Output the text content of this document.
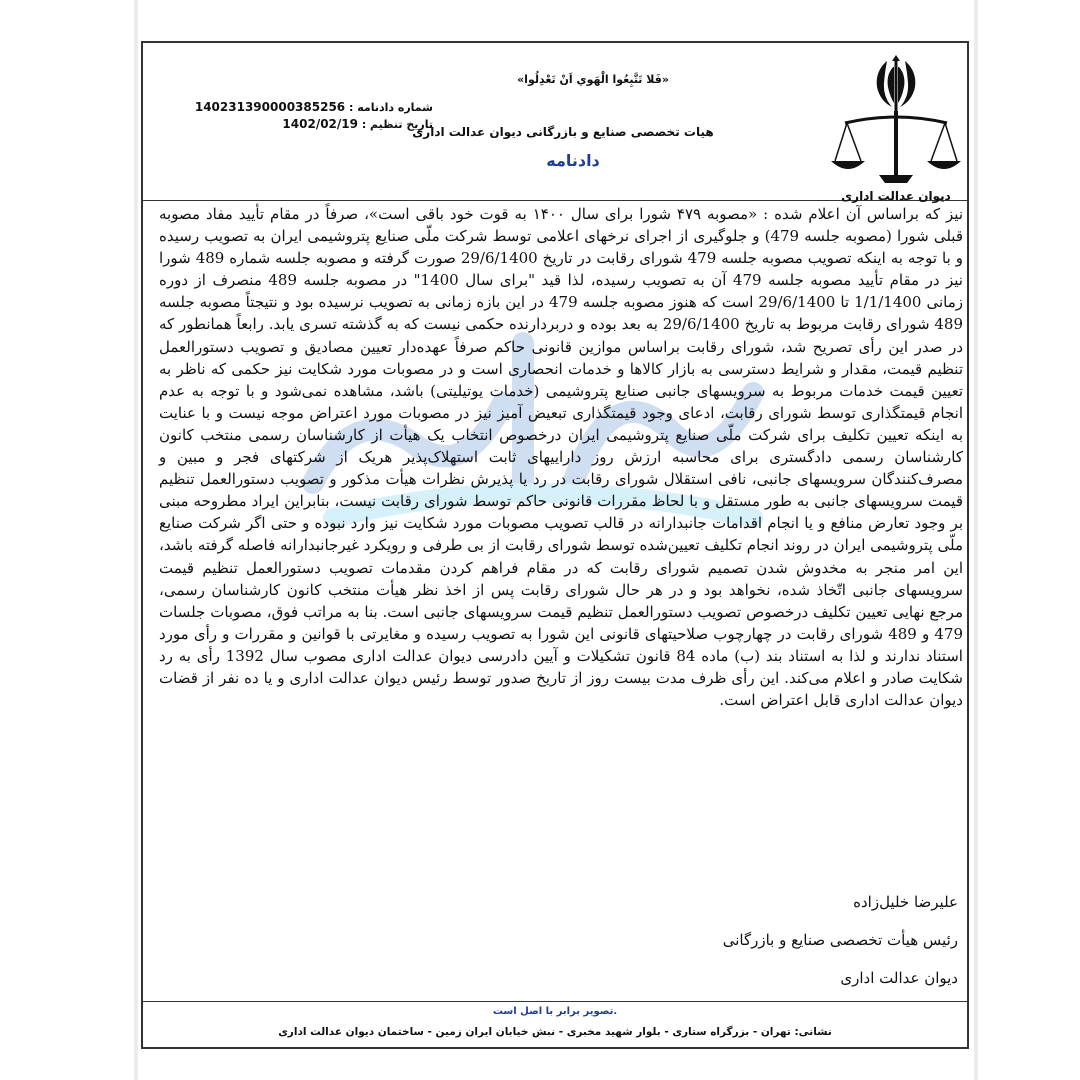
دیوان عدالت اداری
«فَلا تَتَّبِعُوا الْهَوي اَنْ تَعْدِلُوا»
هیات تخصصی صنایع و بازرگانی دیوان عدالت اداری
دادنامه
شماره دادنامه : 140231390000385256
تاریخ تنظیم : 1402/02/19

نیز که براساس آن اعلام شده : «مصوبه ۴۷۹ شورا برای سال ۱۴۰۰ به قوت خود باقی است»، صرفاً در مقام تأیید مفاد مصوبه قبلی شورا (مصوبه جلسه 479) و جلوگیری از اجرای نرخهای اعلامی توسط شرکت ملّی صنایع پتروشیمی ایران به تصویب رسیده و با توجه به اینکه تصویب مصوبه جلسه 479 شورای رقابت در تاریخ 29/6/1400 صورت گرفته و مصوبه جلسه شماره 489 شورا نیز در مقام تأیید مصوبه جلسه 479 آن به تصویب رسیده، لذا قید "برای سال 1400" در مصوبه جلسه 489 منصرف از دوره زمانی 1/1/1400 تا 29/6/1400 است که هنوز مصوبه جلسه 479 در این بازه زمانی به تصویب نرسیده بود و نتیجتاً مصوبه جلسه 489 شورای رقابت مربوط به تاریخ 29/6/1400 به بعد بوده و دربردارنده حکمی نیست که به گذشته تسری یابد. رابعاً همانطور که در صدر این رأی تصریح شد، شورای رقابت براساس موازین قانونی حاکم صرفاً عهده‌دار تعیین مصادیق و تصویب دستورالعمل تنظیم قیمت، مقدار و شرایط دسترسی به بازار کالاها و خدمات انحصاری است و در مصوبات مورد شکایت نیز حکمی که ناظر به تعیین قیمت خدمات مربوط به سرویسهای جانبی صنایع پتروشیمی (خدمات یوتیلیتی) باشد، مشاهده نمی‌شود و با توجه به عدم انجام قیمتگذاری توسط شورای رقابت، ادعای وجود قیمتگذاری تبعیض آمیز نیز در مصوبات مورد اعتراض موجه نیست و با عنایت به اینکه تعیین تکلیف برای شرکت ملّی صنایع پتروشیمی ایران درخصوص انتخاب یک هیأت از کارشناسان رسمی منتخب کانون کارشناسان رسمی دادگستری برای محاسبه ارزش روز داراییهای ثابت استهلاک‌پذیر هریک از شرکتهای فجر و مبین و مصرف‌کنندگان سرویسهای جانبی، نافی استقلال شورای رقابت در رد یا پذیرش نظرات هیأت مذکور و تصویب دستورالعمل تنظیم قیمت سرویسهای جانبی به طور مستقل و با لحاظ مقررات قانونی حاکم توسط شورای رقابت نیست، بنابراین ایراد مطروحه مبنی بر وجود تعارض منافع و یا انجام اقدامات جانبدارانه در قالب تصویب مصوبات مورد شکایت نیز وارد نبوده و حتی اگر شرکت صنایع ملّی پتروشیمی ایران در روند انجام تکلیف تعیین‌شده توسط شورای رقابت از بی طرفی و رویکرد غیرجانبدارانه فاصله گرفته باشد، این امر منجر به مخدوش شدن تصمیم شورای رقابت که در مقام فراهم کردن مقدمات تصویب دستورالعمل تنظیم قیمت سرویسهای جانبی اتّخاذ شده، نخواهد بود و در هر حال شورای رقابت پس از اخذ نظر هیأت منتخب کانون کارشناسان رسمی، مرجع نهایی تعیین تکلیف درخصوص تصویب دستورالعمل تنظیم قیمت سرویسهای جانبی است. بنا به مراتب فوق، مصوبات جلسات 479 و 489 شورای رقابت در چهارچوب صلاحیتهای قانونی این شورا به تصویب رسیده و مغایرتی با قوانین و مقررات و رأی مورد استناد ندارند و لذا به استناد بند (ب) ماده 84 قانون تشکیلات و آیین دادرسی دیوان عدالت اداری مصوب سال 1392 رأی به رد شکایت صادر و اعلام می‌کند. این رأی ظرف مدت بیست روز از تاریخ صدور توسط رئیس دیوان عدالت اداری و یا ده نفر از قضات دیوان عدالت اداری قابل اعتراض است.

علیرضا خلیل‌زاده
رئیس هیأت تخصصی صنایع و بازرگانی
دیوان عدالت اداری
تصویر برابر با اصل است.
نشانی: تهران - بزرگراه ستاری - بلوار شهید مخبری - نبش خیابان ایران زمین - ساختمان دیوان عدالت اداری
